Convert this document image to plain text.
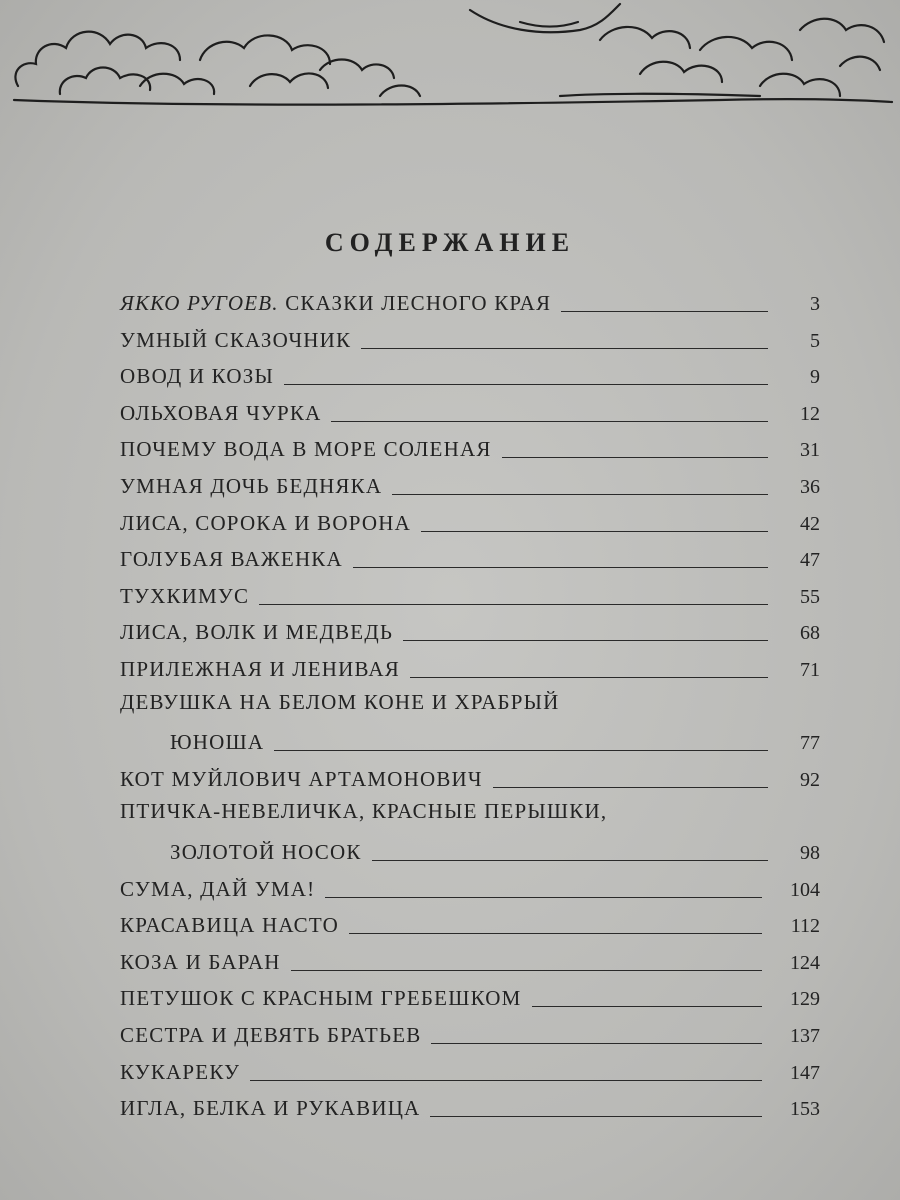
СОДЕРЖАНИЕ
ЯККО РУГОЕВ. СКАЗКИ ЛЕСНОГО КРАЯ	3
УМНЫЙ СКАЗОЧНИК	5
ОВОД И КОЗЫ	9
ОЛЬХОВАЯ ЧУРКА	12
ПОЧЕМУ ВОДА В МОРЕ СОЛЕНАЯ	31
УМНАЯ ДОЧЬ БЕДНЯКА	36
ЛИСА, СОРОКА И ВОРОНА	42
ГОЛУБАЯ ВАЖЕНКА	47
ТУХКИМУС	55
ЛИСА, ВОЛК И МЕДВЕДЬ	68
ПРИЛЕЖНАЯ И ЛЕНИВАЯ	71
ДЕВУШКА НА БЕЛОМ КОНЕ И ХРАБРЫЙ
ЮНОША	77
КОТ МУЙЛОВИЧ АРТАМОНОВИЧ	92
ПТИЧКА-НЕВЕЛИЧКА, КРАСНЫЕ ПЕРЫШКИ,
ЗОЛОТОЙ НОСОК	98
СУМА, ДАЙ УМА!	104
КРАСАВИЦА НАСТО	112
КОЗА И БАРАН	124
ПЕТУШОК С КРАСНЫМ ГРЕБЕШКОМ	129
СЕСТРА И ДЕВЯТЬ БРАТЬЕВ	137
КУКАРЕКУ	147
ИГЛА, БЕЛКА И РУКАВИЦА	153
